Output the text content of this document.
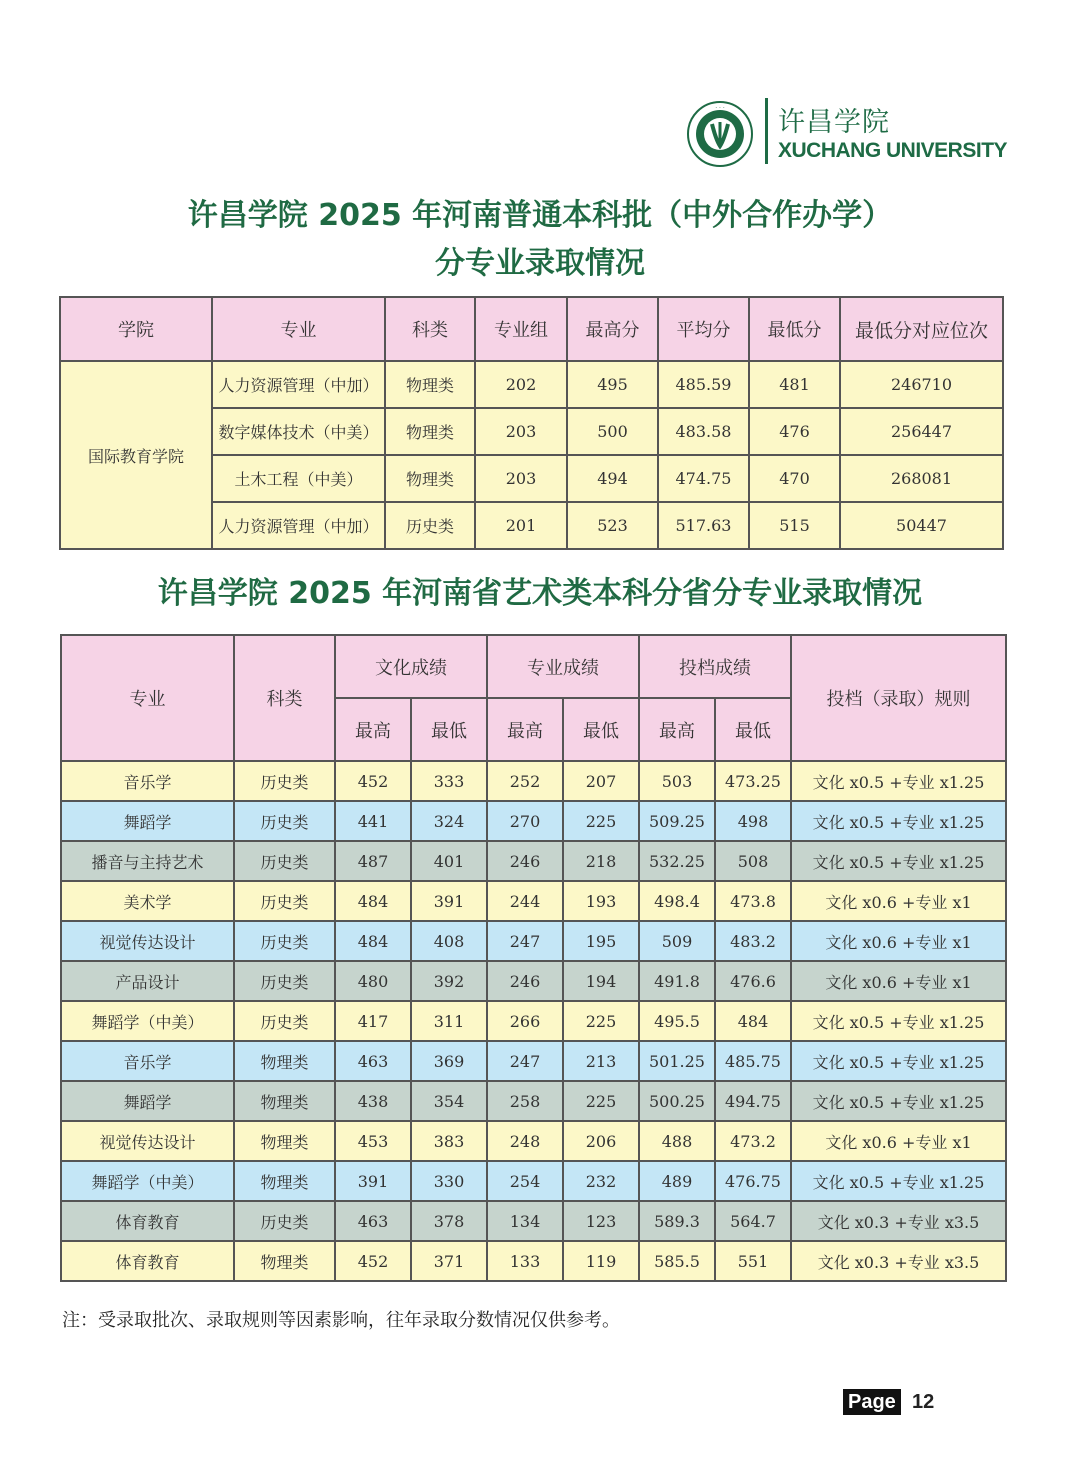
· · · 许昌学院
XUCHANG UNIVERSITY
许昌学院 2025 年河南普通本科批（中外合作办学）
分专业录取情况
学院	专业	科类	专业组	最高分	平均分	最低分	最低分对应位次
国际教育学院	人力资源管理（中加）	物理类	202	495	485.59	481	246710
	数字媒体技术（中美）	物理类	203	500	483.58	476	256447
	土木工程（中美）	物理类	203	494	474.75	470	268081
	人力资源管理（中加）	历史类	201	523	517.63	515	50447
许昌学院 2025 年河南省艺术类本科分省分专业录取情况
专业	科类	文化成绩		专业成绩		投档成绩		投档（录取）规则
		最高	最低	最高	最低	最高	最低	
音乐学	历史类	452	333	252	207	503	473.25	文化 x0.5 +专业 x1.25
舞蹈学	历史类	441	324	270	225	509.25	498	文化 x0.5 +专业 x1.25
播音与主持艺术	历史类	487	401	246	218	532.25	508	文化 x0.5 +专业 x1.25
美术学	历史类	484	391	244	193	498.4	473.8	文化 x0.6 +专业 x1
视觉传达设计	历史类	484	408	247	195	509	483.2	文化 x0.6 +专业 x1
产品设计	历史类	480	392	246	194	491.8	476.6	文化 x0.6 +专业 x1
舞蹈学（中美）	历史类	417	311	266	225	495.5	484	文化 x0.5 +专业 x1.25
音乐学	物理类	463	369	247	213	501.25	485.75	文化 x0.5 +专业 x1.25
舞蹈学	物理类	438	354	258	225	500.25	494.75	文化 x0.5 +专业 x1.25
视觉传达设计	物理类	453	383	248	206	488	473.2	文化 x0.6 +专业 x1
舞蹈学（中美）	物理类	391	330	254	232	489	476.75	文化 x0.5 +专业 x1.25
体育教育	历史类	463	378	134	123	589.3	564.7	文化 x0.3 +专业 x3.5
体育教育	物理类	452	371	133	119	585.5	551	文化 x0.3 +专业 x3.5
注：受录取批次、录取规则等因素影响，往年录取分数情况仅供参考。
Page 12
